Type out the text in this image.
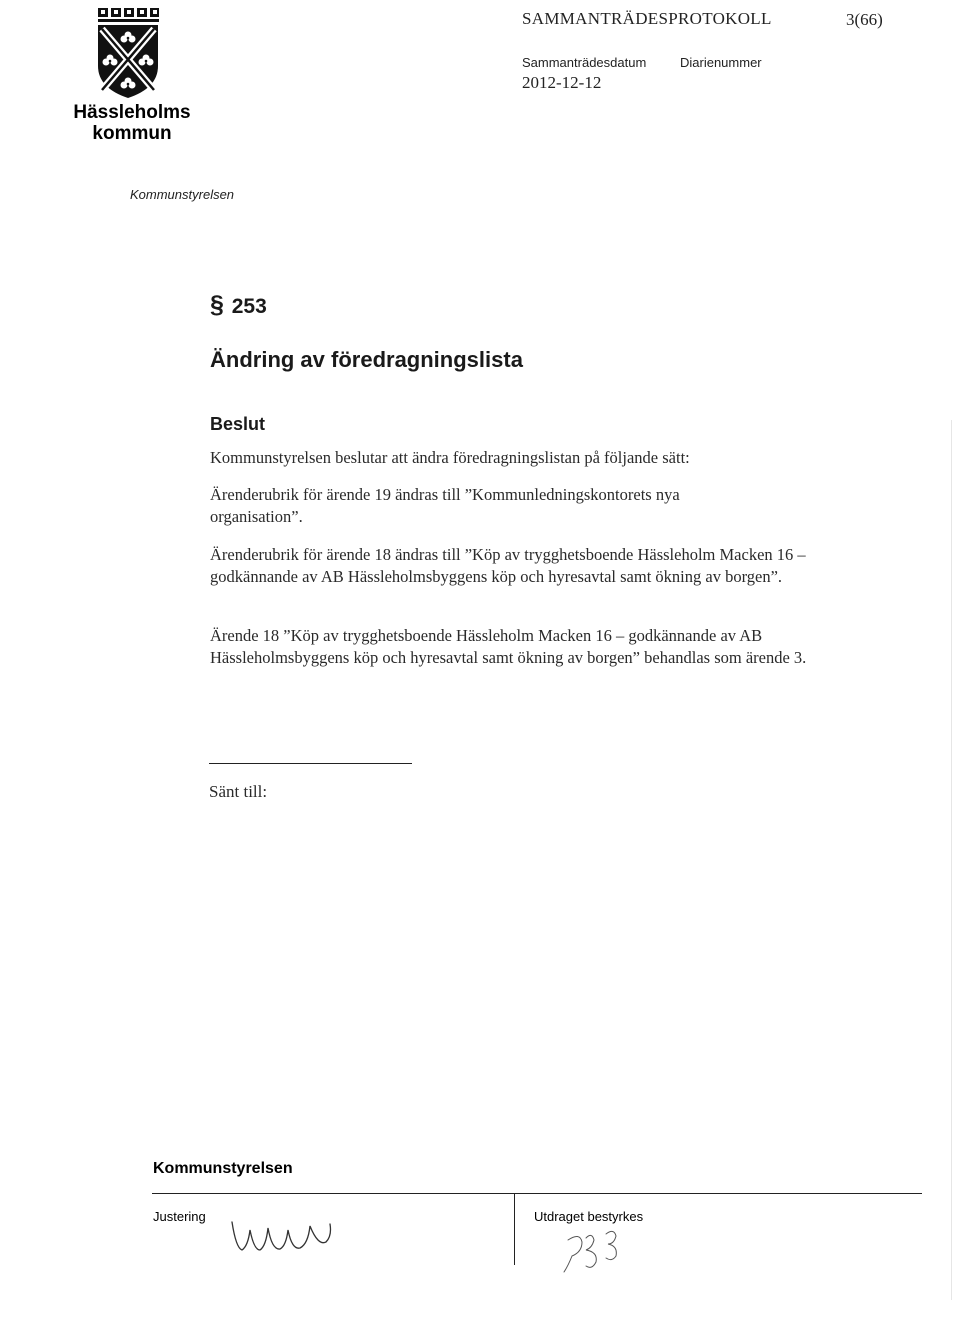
Hässleholms kommun
SAMMANTRÄDESPROTOKOLL	3(66)
Sammanträdesdatum	Diarienummer
2012-12-12
Kommunstyrelsen
§ 253
Ändring av föredragningslista
Beslut

Kommunstyrelsen beslutar att ändra föredragningslistan på följande sätt:

Ärenderubrik för ärende 19 ändras till ”Kommunledningskontorets nya organisation”.

Ärenderubrik för ärende 18 ändras till ”Köp av trygghetsboende Hässleholm Macken 16 – godkännande av AB Hässleholmsbyggens köp och hyresavtal samt ökning av borgen”.

Ärende 18 ”Köp av trygghetsboende Hässleholm Macken 16 – godkännande av AB Hässleholmsbyggens köp och hyresavtal samt ökning av borgen” behandlas som ärende 3.

Sänt till:
Kommunstyrelsen
Justering	Utdraget bestyrkes
